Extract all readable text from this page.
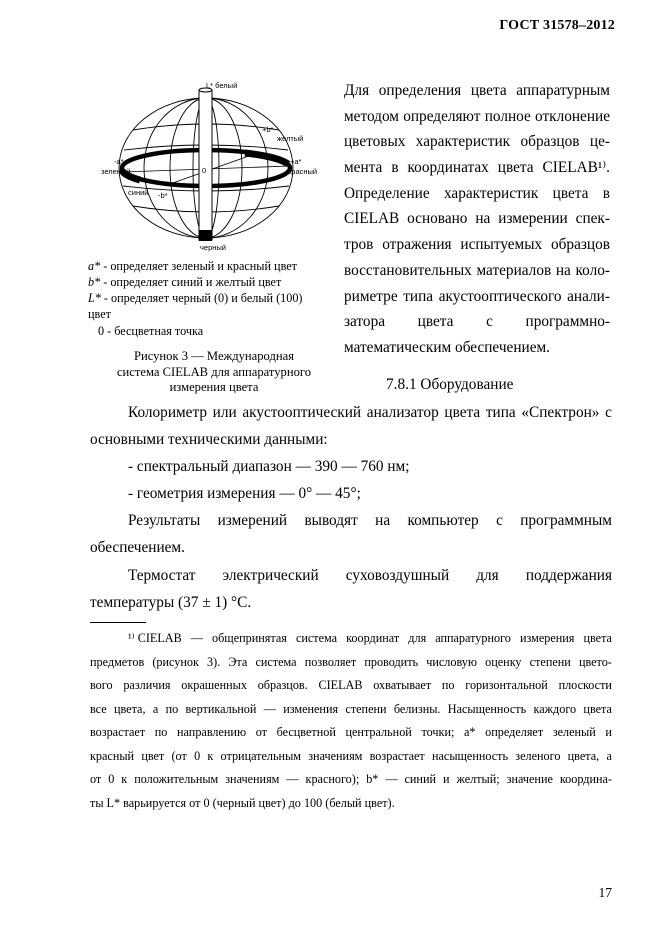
ГОСТ 31578–2012
L* белый
+b*
желтый
-a*
зеленый	0
+a*
красный
синий -b*
черный
a* - определяет зеленый и красный цвет
b* - определяет синий и желтый цвет
L* - определяет черный (0) и белый (100)
цвет
0 - бесцветная точка
Рисунок 3 — Международная
система CIELAB для аппаратурного
измерения цвета
Для определения цвета аппаратурным
методом определяют полное отклонение
цветовых характеристик образцов це-
мента в координатах цвета CIELAB¹⁾.
Определение характеристик цвета в
CIELAB основано на измерении спек-
тров отражения испытуемых образцов
восстановительных материалов на коло-
риметре типа акустооптического анали-
затора цвета с программно-
математическим обеспечением.
7.8.1 Оборудование
Колориметр или акустооптический анализатор цвета типа «Спектрон» с
основными техническими данными:
- спектральный диапазон — 390 — 760 нм;
- геометрия измерения — 0° — 45°;
Результаты измерений выводят на компьютер с программным
обеспечением.
Термостат электрический суховоздушный для поддержания
температуры (37 ± 1) °С.
¹⁾ CIELAB — общепринятая система координат для аппаратурного измерения цвета
предметов (рисунок 3). Эта система позволяет проводить числовую оценку степени цвето-
вого различия окрашенных образцов. CIELAB охватывает по горизонтальной плоскости
все цвета, а по вертикальной — изменения степени белизны. Насыщенность каждого цвета
возрастает по направлению от бесцветной центральной точки; a* определяет зеленый и
красный цвет (от 0 к отрицательным значениям возрастает насыщенность зеленого цвета, а
от 0 к положительным значениям — красного); b* — синий и желтый; значение координа-
ты L* варьируется от 0 (черный цвет) до 100 (белый цвет).
17
